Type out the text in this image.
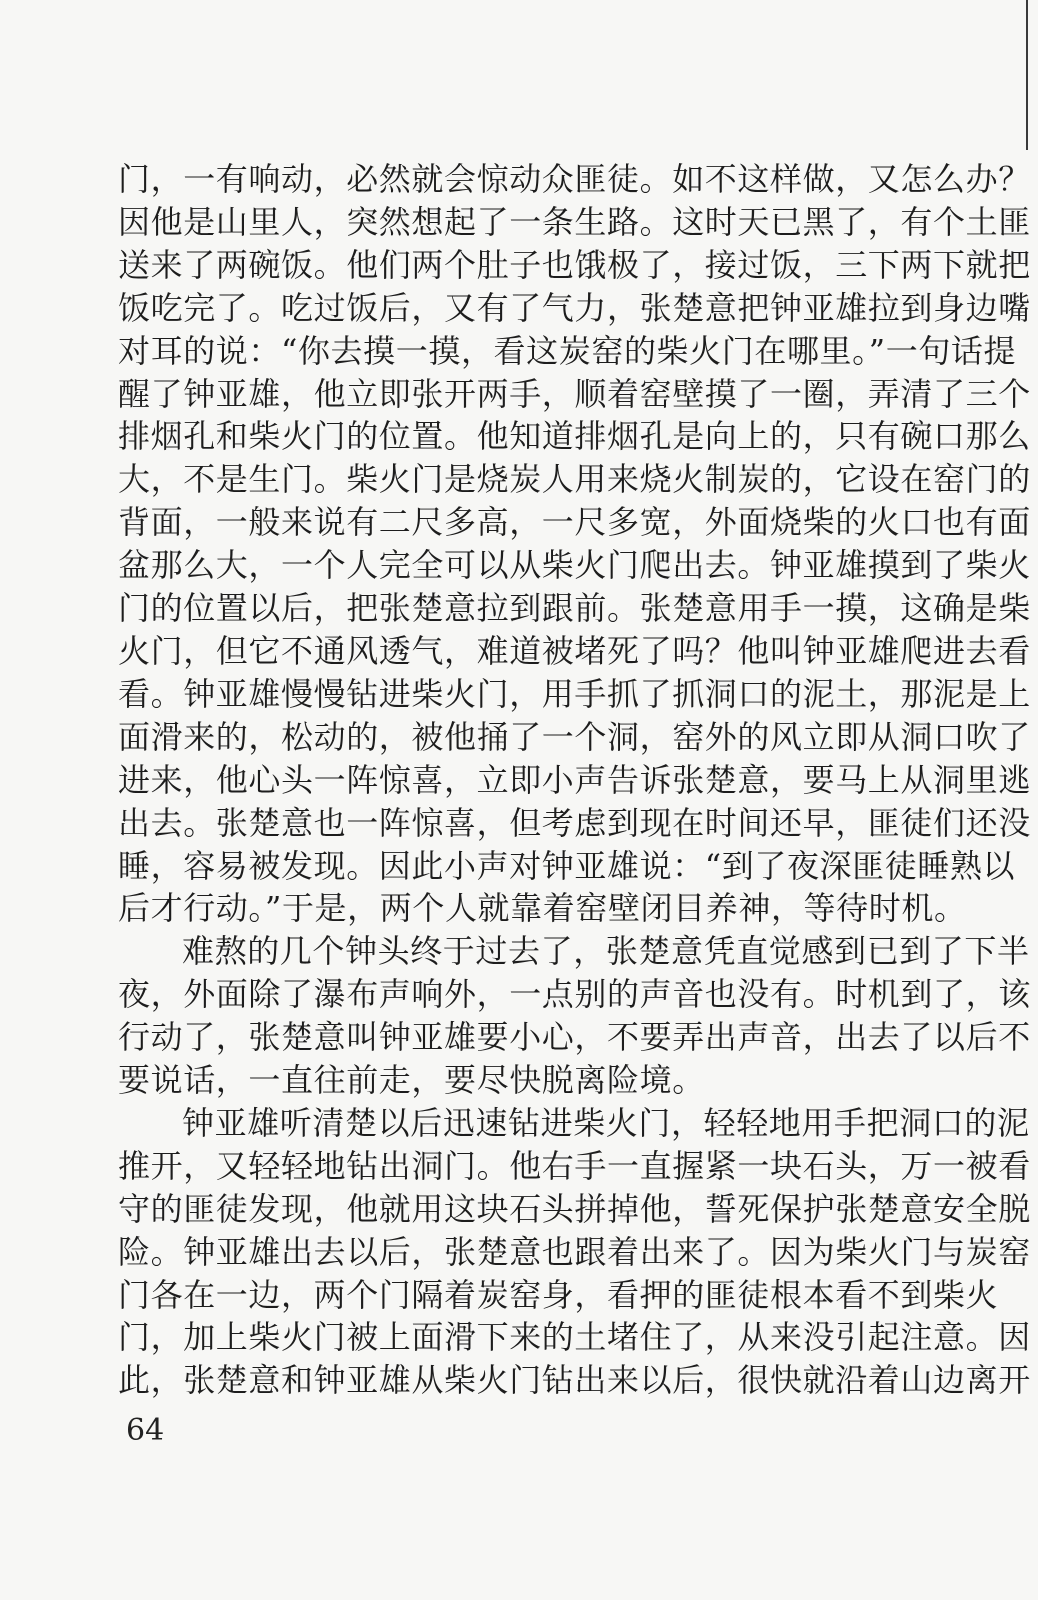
门，一有响动，必然就会惊动众匪徒。如不这样做，又怎么办？
因他是山里人，突然想起了一条生路。这时天已黑了，有个土匪
送来了两碗饭。他们两个肚子也饿极了，接过饭，三下两下就把
饭吃完了。吃过饭后，又有了气力，张楚意把钟亚雄拉到身边嘴
对耳的说：“你去摸一摸，看这炭窑的柴火门在哪里。”一句话提
醒了钟亚雄，他立即张开两手，顺着窑壁摸了一圈，弄清了三个
排烟孔和柴火门的位置。他知道排烟孔是向上的，只有碗口那么
大，不是生门。柴火门是烧炭人用来烧火制炭的，它设在窑门的
背面，一般来说有二尺多高，一尺多宽，外面烧柴的火口也有面
盆那么大，一个人完全可以从柴火门爬出去。钟亚雄摸到了柴火
门的位置以后，把张楚意拉到跟前。张楚意用手一摸，这确是柴
火门，但它不通风透气，难道被堵死了吗？他叫钟亚雄爬进去看
看。钟亚雄慢慢钻进柴火门，用手抓了抓洞口的泥土，那泥是上
面滑来的，松动的，被他捅了一个洞，窑外的风立即从洞口吹了
进来，他心头一阵惊喜，立即小声告诉张楚意，要马上从洞里逃
出去。张楚意也一阵惊喜，但考虑到现在时间还早，匪徒们还没
睡，容易被发现。因此小声对钟亚雄说：“到了夜深匪徒睡熟以
后才行动。”于是，两个人就靠着窑壁闭目养神，等待时机。
难熬的几个钟头终于过去了，张楚意凭直觉感到已到了下半
夜，外面除了瀑布声响外，一点别的声音也没有。时机到了，该
行动了，张楚意叫钟亚雄要小心，不要弄出声音，出去了以后不
要说话，一直往前走，要尽快脱离险境。
钟亚雄听清楚以后迅速钻进柴火门，轻轻地用手把洞口的泥
推开，又轻轻地钻出洞门。他右手一直握紧一块石头，万一被看
守的匪徒发现，他就用这块石头拼掉他，誓死保护张楚意安全脱
险。钟亚雄出去以后，张楚意也跟着出来了。因为柴火门与炭窑
门各在一边，两个门隔着炭窑身，看押的匪徒根本看不到柴火
门，加上柴火门被上面滑下来的土堵住了，从来没引起注意。因
此，张楚意和钟亚雄从柴火门钻出来以后，很快就沿着山边离开
64
